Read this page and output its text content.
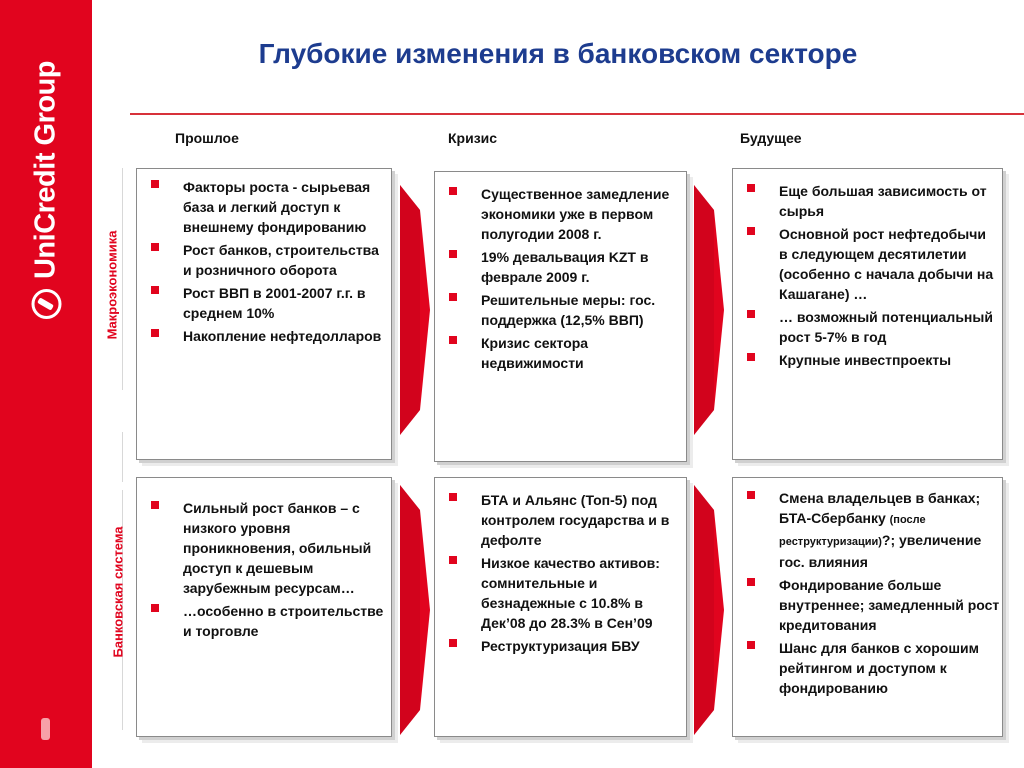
UniCredit Group
Глубокие изменения в банковском секторе
Прошлое	Кризис	Будущее
Макроэкономика
Банковская система
Факторы роста - сырьевая база и легкий доступ к внешнему фондированию
Рост банков, строительства и розничного оборота
Рост ВВП в 2001-2007 г.г. в среднем 10%
Накопление нефтедолларов
Существенное замедление экономики уже в первом полугодии 2008 г.
19% девальвация KZT в феврале 2009 г.
Решительные меры: гос. поддержка (12,5% ВВП)
Кризис сектора недвижимости
Еще большая зависимость от сырья
Основной рост нефтедобычи в следующем десятилетии (особенно с начала добычи на Кашагане) …
… возможный потенциальный рост 5-7% в год
Крупные инвестпроекты
Сильный рост банков – с низкого уровня проникновения, обильный доступ к дешевым зарубежным ресурсам…
…особенно в строительстве и торговле
БТА и Альянс (Топ-5) под контролем государства и в дефолте
Низкое качество активов: сомнительные и безнадежные с 10.8% в Дек’08 до 28.3% в Сен’09
Реструктуризация БВУ
Смена владельцев в банках; БТА-Сбербанку (после реструктуризации)?; увеличение гос. влияния
Фондирование больше внутреннее; замедленный рост кредитования
Шанс для банков с хорошим рейтингом и доступом к фондированию
